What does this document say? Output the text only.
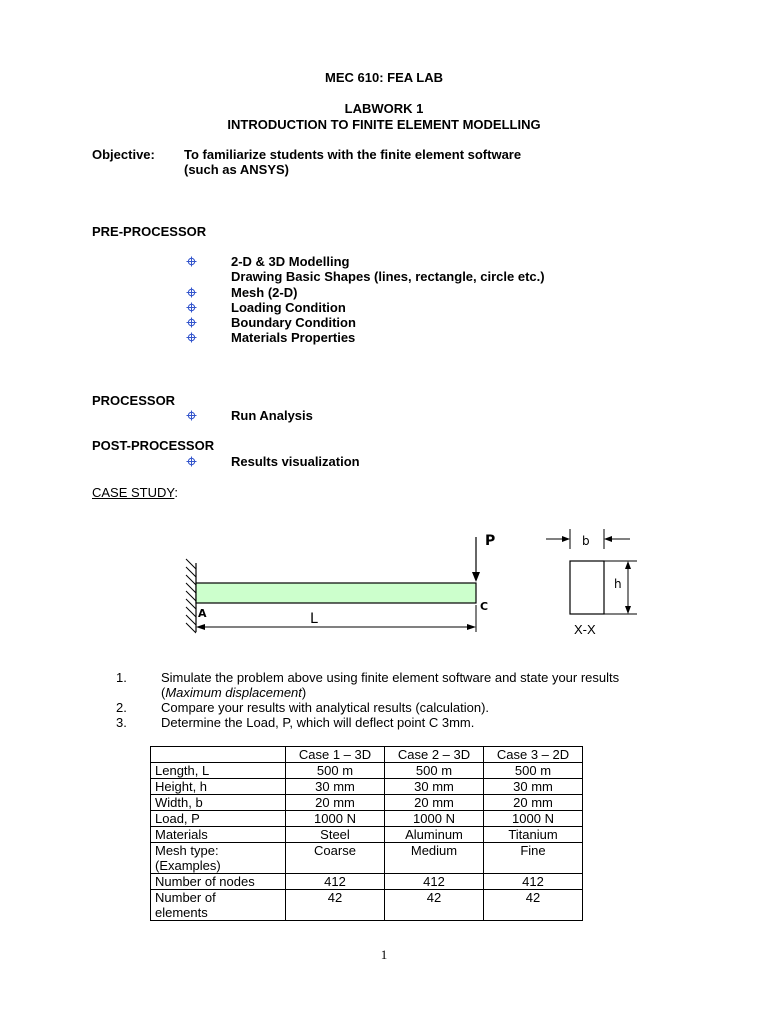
MEC 610: FEA LAB
LABWORK 1
INTRODUCTION TO FINITE ELEMENT MODELLING
Objective: To familiarize students with the finite element software
(such as ANSYS)
PRE-PROCESSOR
2-D & 3D Modelling
Drawing Basic Shapes (lines, rectangle, circle etc.)
Mesh (2-D)
Loading Condition
Boundary Condition
Materials Properties
PROCESSOR
Run Analysis
POST-PROCESSOR
Results visualization
CASE STUDY:
P
A
C
L
b
h
X-X
1.	Simulate the problem above using finite element software and state your results
(Maximum displacement)
2.	Compare your results with analytical results (calculation).
3.	Determine the Load, P, which will deflect point C 3mm.
	Case 1 – 3D	Case 2 – 3D	Case 3 – 2D
Length, L	500 m	500 m	500 m
Height, h	30 mm	30 mm	30 mm
Width, b	20 mm	20 mm	20 mm
Load, P	1000 N	1000 N	1000 N
Materials	Steel	Aluminum	Titanium

Mesh type:
(Examples)	Coarse	Medium	Fine
Number of nodes	412	412	412

Number of
elements	42	42	42
1
